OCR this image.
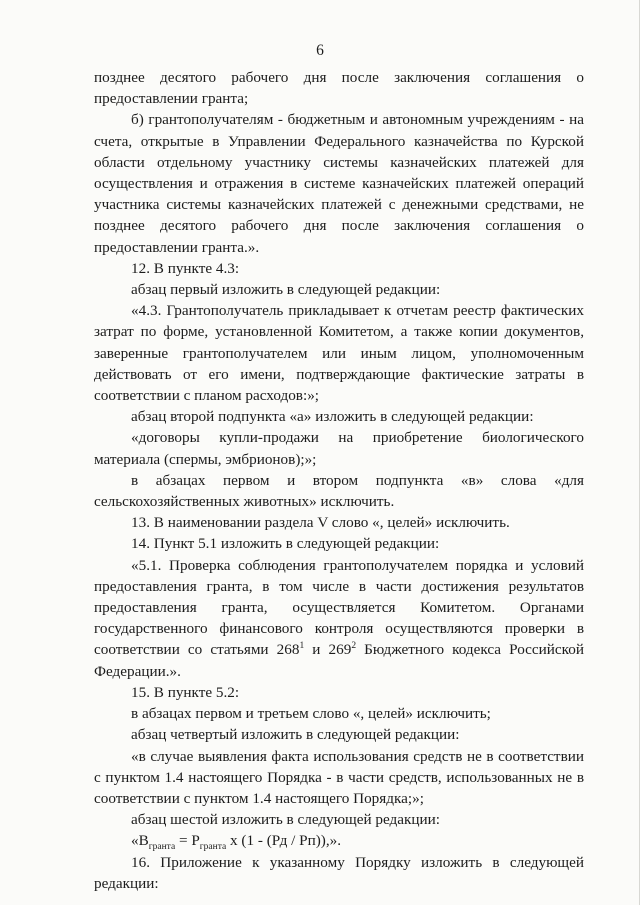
6

позднее десятого рабочего дня после заключения соглашения о
предоставлении гранта;

б) грантополучателям - бюджетным и автономным учреждениям - на
счета, открытые в Управлении Федерального казначейства по Курской
области отдельному участнику системы казначейских платежей для
осуществления и отражения в системе казначейских платежей операций
участника системы казначейских платежей с денежными средствами, не
позднее десятого рабочего дня после заключения соглашения о
предоставлении гранта.».

12. В пункте 4.3:

абзац первый изложить в следующей редакции:

«4.3. Грантополучатель прикладывает к отчетам реестр фактических
затрат по форме, установленной Комитетом, а также копии документов,
заверенные грантополучателем или иным лицом, уполномоченным
действовать от его имени, подтверждающие фактические затраты в
соответствии с планом расходов:»;

абзац второй подпункта «а» изложить в следующей редакции:

«договоры купли-продажи на приобретение биологического
материала (спермы, эмбрионов);»;

в абзацах первом и втором подпункта «в» слова «для
сельскохозяйственных животных» исключить.

13. В наименовании раздела V слово «, целей» исключить.

14. Пункт 5.1 изложить в следующей редакции:

«5.1. Проверка соблюдения грантополучателем порядка и условий
предоставления гранта, в том числе в части достижения результатов
предоставления гранта, осуществляется Комитетом. Органами
государственного финансового контроля осуществляются проверки в
соответствии со статьями $268^1$ и $269^2$ Бюджетного кодекса Российской
Федерации.».

15. В пункте 5.2:

в абзацах первом и третьем слово «, целей» исключить;

абзац четвертый изложить в следующей редакции:

«в случае выявления факта использования средств не в соответствии
с пунктом 1.4 настоящего Порядка - в части средств, использованных не в
соответствии с пунктом 1.4 настоящего Порядка;»;

абзац шестой изложить в следующей редакции:

«$В_{гранта} = Р_{гранта}$ х (1 - (Рд / Рп)),».

16. Приложение к указанному Порядку изложить в следующей
редакции:
